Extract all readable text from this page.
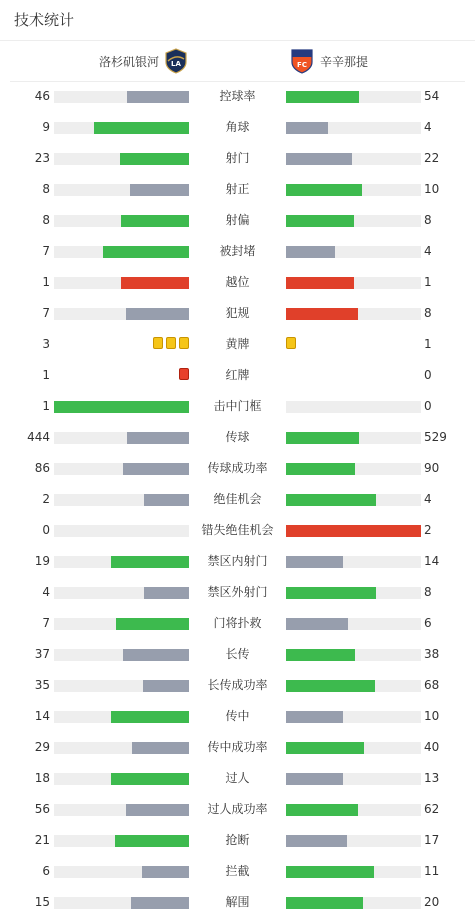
技术统计
洛杉矶银河 LA	FC 辛辛那提
46	控球率	54
9	角球	4
23	射门	22
8	射正	10
8	射偏	8
7	被封堵	4
1	越位	1
7	犯规	8
3	黄牌	1
1	红牌	0
1	击中门框	0
444	传球	529
86	传球成功率	90
2	绝佳机会	4
0	错失绝佳机会	2
19	禁区内射门	14
4	禁区外射门	8
7	门将扑救	6
37	长传	38
35	长传成功率	68
14	传中	10
29	传中成功率	40
18	过人	13
56	过人成功率	62
21	抢断	17
6	拦截	11
15	解围	20
